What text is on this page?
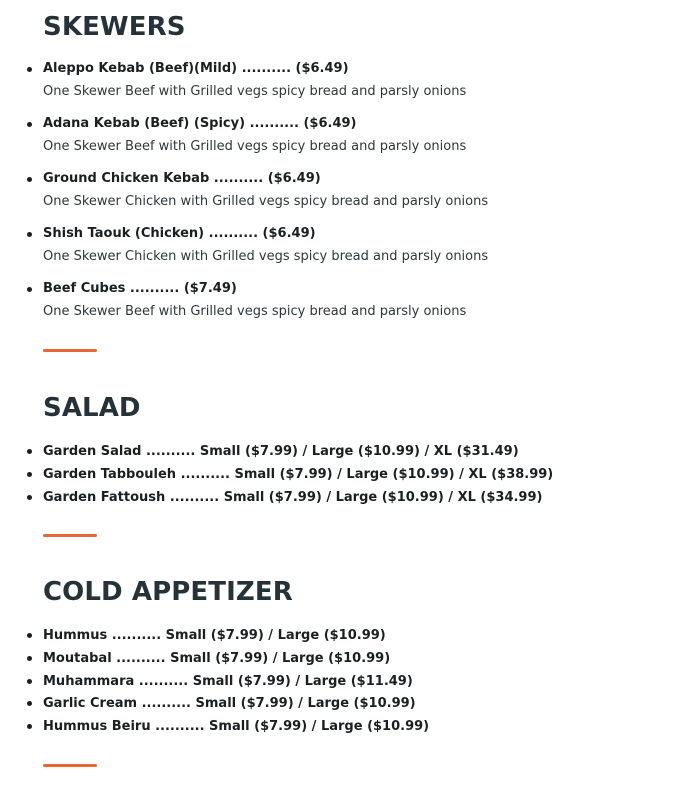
SKEWERS
Aleppo Kebab (Beef)(Mild) .......... ($6.49)
One Skewer Beef with Grilled vegs spicy bread and parsly onions
Adana Kebab (Beef) (Spicy) .......... ($6.49)
One Skewer Beef with Grilled vegs spicy bread and parsly onions
Ground Chicken Kebab .......... ($6.49)
One Skewer Chicken with Grilled vegs spicy bread and parsly onions
Shish Taouk (Chicken) .......... ($6.49)
One Skewer Chicken with Grilled vegs spicy bread and parsly onions
Beef Cubes .......... ($7.49)
One Skewer Beef with Grilled vegs spicy bread and parsly onions
SALAD
Garden Salad .......... Small ($7.99) / Large ($10.99) / XL ($31.49)
Garden Tabbouleh .......... Small ($7.99) / Large ($10.99) / XL ($38.99)
Garden Fattoush .......... Small ($7.99) / Large ($10.99) / XL ($34.99)
COLD APPETIZER
Hummus .......... Small ($7.99) / Large ($10.99)
Moutabal .......... Small ($7.99) / Large ($10.99)
Muhammara .......... Small ($7.99) / Large ($11.49)
Garlic Cream .......... Small ($7.99) / Large ($10.99)
Hummus Beiru .......... Small ($7.99) / Large ($10.99)
